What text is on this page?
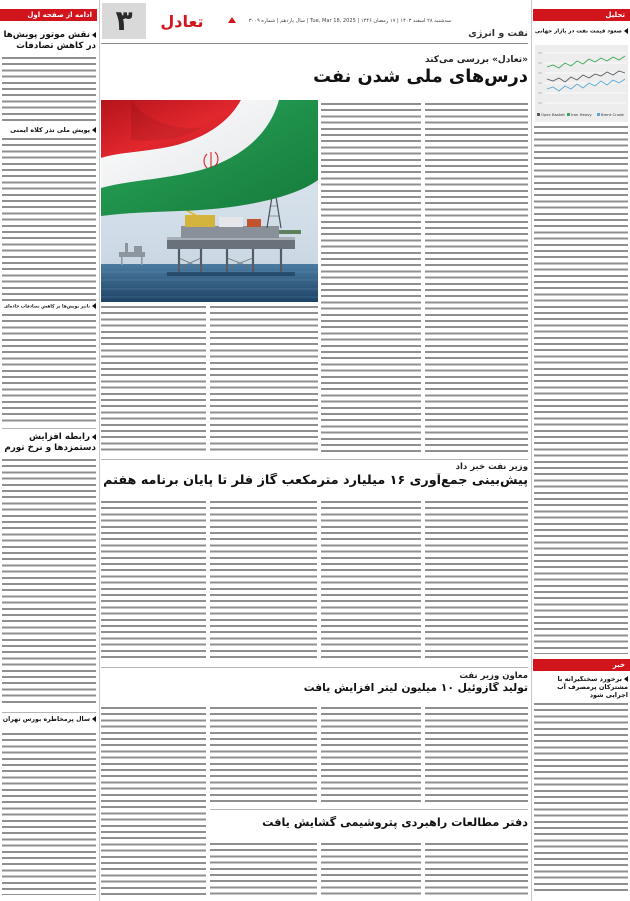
۳	تعادل	سه‌شنبه ۲۸ اسفند ۱۴۰۳ | ۱۷ رمضان ۱۴۴۶ | Tue, Mar 18, 2025 | سال یازدهم | شماره ۳۰۰۹
نفت و انرژی
ادامه از صفحه اول
نقش موتور پویش‌ها در کاهش تصادفات
پویش ملی نذر کلاه ایمنی
تاثیر پویش‌ها بر کاهش تصادفات جاده‌ای
رابطه افزایش دستمزدها و نرخ تورم
سال پرمخاطره بورس تهران
«تعادل» بررسی می‌کند
درس‌های ملی شدن نفت
وزیر نفت خبر داد
پیش‌بینی جمع‌آوری ۱۶ میلیارد مترمکعب گاز فلر تا پایان برنامه هفتم
معاون وزیر نفت
تولید گازوئیل ۱۰ میلیون لیتر افزایش یافت
دفتر مطالعات راهبردی پتروشیمی گشایش یافت
تحلیل
صعود قیمت نفت در بازار جهانی
Opec Basket Iran Heavy Brent Crude
خبر
برخورد سختگیرانه با مشترکان پرمصرف آب اجرایی شود
